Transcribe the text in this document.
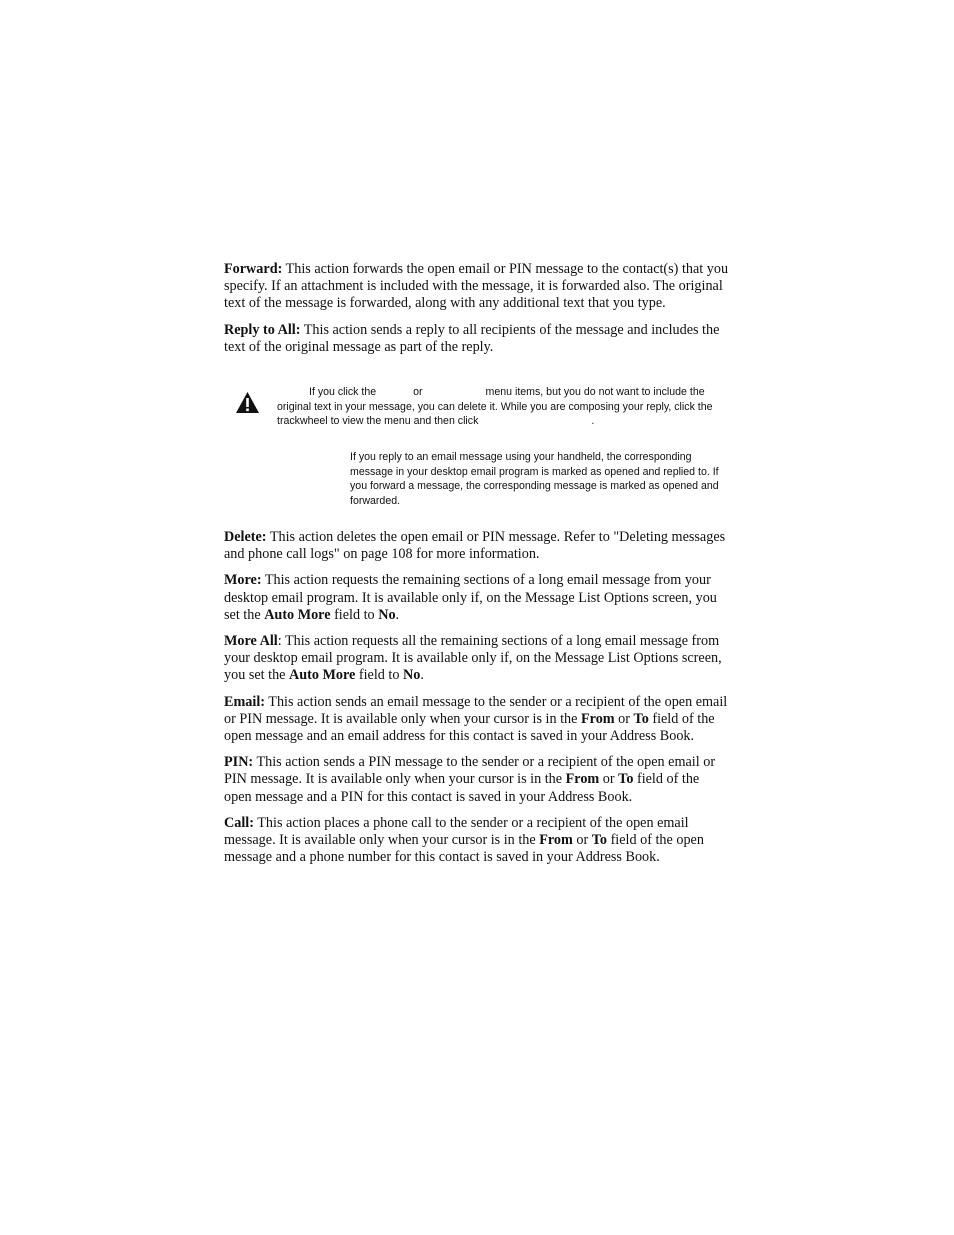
Forward: This action forwards the open email or PIN message to the contact(s) that you specify. If an attachment is included with the message, it is forwarded also. The original text of the message is forwarded, along with any additional text that you type.

Reply to All: This action sends a reply to all recipients of the message and includes the text of the original message as part of the reply.

If you click the	or	menu items, but you do not want to include the original text in your message, you can delete it. While you are composing your reply, click the trackwheel to view the menu and then click	.

If you reply to an email message using your handheld, the corresponding message in your desktop email program is marked as opened and replied to. If you forward a message, the corresponding message is marked as opened and forwarded.

Delete: This action deletes the open email or PIN message. Refer to "Deleting messages and phone call logs" on page 108 for more information.

More: This action requests the remaining sections of a long email message from your desktop email program. It is available only if, on the Message List Options screen, you set the Auto More field to No.

More All: This action requests all the remaining sections of a long email message from your desktop email program. It is available only if, on the Message List Options screen, you set the Auto More field to No.

Email: This action sends an email message to the sender or a recipient of the open email or PIN message. It is available only when your cursor is in the From or To field of the open message and an email address for this contact is saved in your Address Book.

PIN: This action sends a PIN message to the sender or a recipient of the open email or PIN message. It is available only when your cursor is in the From or To field of the open message and a PIN for this contact is saved in your Address Book.

Call: This action places a phone call to the sender or a recipient of the open email message. It is available only when your cursor is in the From or To field of the open message and a phone number for this contact is saved in your Address Book.
